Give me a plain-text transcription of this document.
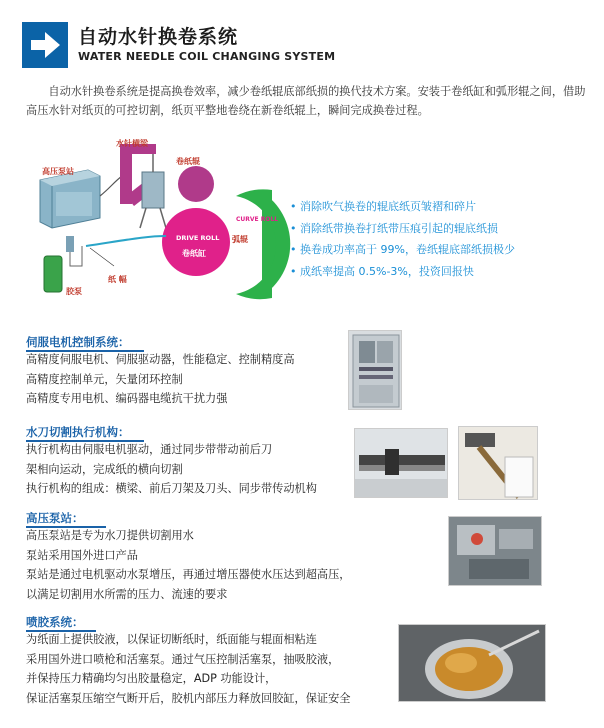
自动水针换卷系统
WATER NEEDLE COIL CHANGING SYSTEM

自动水针换卷系统是提高换卷效率，减少卷纸辊底部纸损的换代技术方案。安装于卷纸缸和弧形辊之间，借助高压水针对纸页的可控切割，纸页平整地卷绕在新卷纸辊上，瞬间完成换卷过程。

高压泵站
水针横梁
卷纸辊
DRIVE ROLL
卷纸缸
CURVE ROLL
弧辊
纸 幅
胶泵
• 消除吹气换卷的辊底纸页皱褶和碎片
• 消除纸带换卷打纸带压痕引起的辊底纸损
• 换卷成功率高于 99%，卷纸辊底部纸损极少
• 成纸率提高 0.5%-3%，投资回报快
伺服电机控制系统：
高精度伺服电机、伺服驱动器，性能稳定、控制精度高
高精度控制单元，矢量闭环控制
高精度专用电机、编码器电缆抗干扰力强
水刀切割执行机构：
执行机构由伺服电机驱动，通过同步带带动前后刀
架相向运动，完成纸的横向切割
执行机构的组成：横梁、前后刀架及刀头、同步带传动机构
高压泵站：
高压泵站是专为水刀提供切割用水
泵站采用国外进口产品
泵站是通过电机驱动水泵增压，再通过增压器使水压达到超高压，
以满足切割用水所需的压力、流速的要求
喷胶系统：
为纸面上提供胶液，以保证切断纸时，纸面能与辊面相粘连
采用国外进口喷枪和活塞泵。通过气压控制活塞泵，抽吸胶液，
并保持压力精确均匀出胶量稳定，ADP 功能设计，
保证活塞泵压缩空气断开后，胶机内部压力释放回胶缸，保证安全
